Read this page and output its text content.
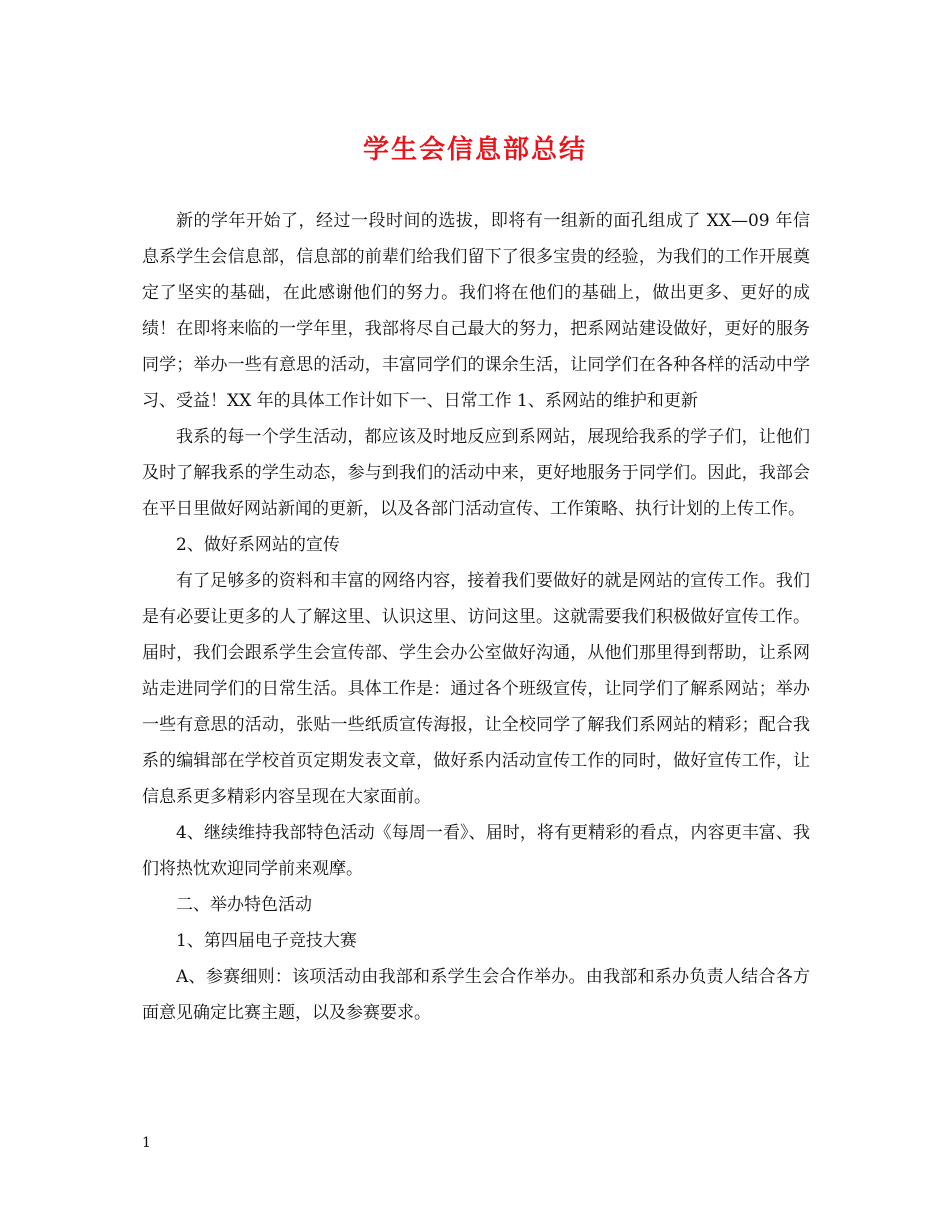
学生会信息部总结

新的学年开始了，经过一段时间的选拔，即将有一组新的面孔组成了 XX—09 年信息系学生会信息部，信息部的前辈们给我们留下了很多宝贵的经验，为我们的工作开展奠定了坚实的基础，在此感谢他们的努力。我们将在他们的基础上，做出更多、更好的成绩！在即将来临的一学年里，我部将尽自己最大的努力，把系网站建设做好，更好的服务同学；举办一些有意思的活动，丰富同学们的课余生活，让同学们在各种各样的活动中学习、受益！XX 年的具体工作计如下一、日常工作 1、系网站的维护和更新

我系的每一个学生活动，都应该及时地反应到系网站，展现给我系的学子们，让他们及时了解我系的学生动态，参与到我们的活动中来，更好地服务于同学们。因此，我部会在平日里做好网站新闻的更新，以及各部门活动宣传、工作策略、执行计划的上传工作。

2、做好系网站的宣传

有了足够多的资料和丰富的网络内容，接着我们要做好的就是网站的宣传工作。我们是有必要让更多的人了解这里、认识这里、访问这里。这就需要我们积极做好宣传工作。届时，我们会跟系学生会宣传部、学生会办公室做好沟通，从他们那里得到帮助，让系网站走进同学们的日常生活。具体工作是：通过各个班级宣传，让同学们了解系网站；举办一些有意思的活动，张贴一些纸质宣传海报，让全校同学了解我们系网站的精彩；配合我系的编辑部在学校首页定期发表文章，做好系内活动宣传工作的同时，做好宣传工作，让信息系更多精彩内容呈现在大家面前。

4、继续维持我部特色活动《每周一看》、届时，将有更精彩的看点，内容更丰富、我们将热忱欢迎同学前来观摩。

二、举办特色活动

1、第四届电子竞技大赛

A、参赛细则：该项活动由我部和系学生会合作举办。由我部和系办负责人结合各方面意见确定比赛主题，以及参赛要求。

1
